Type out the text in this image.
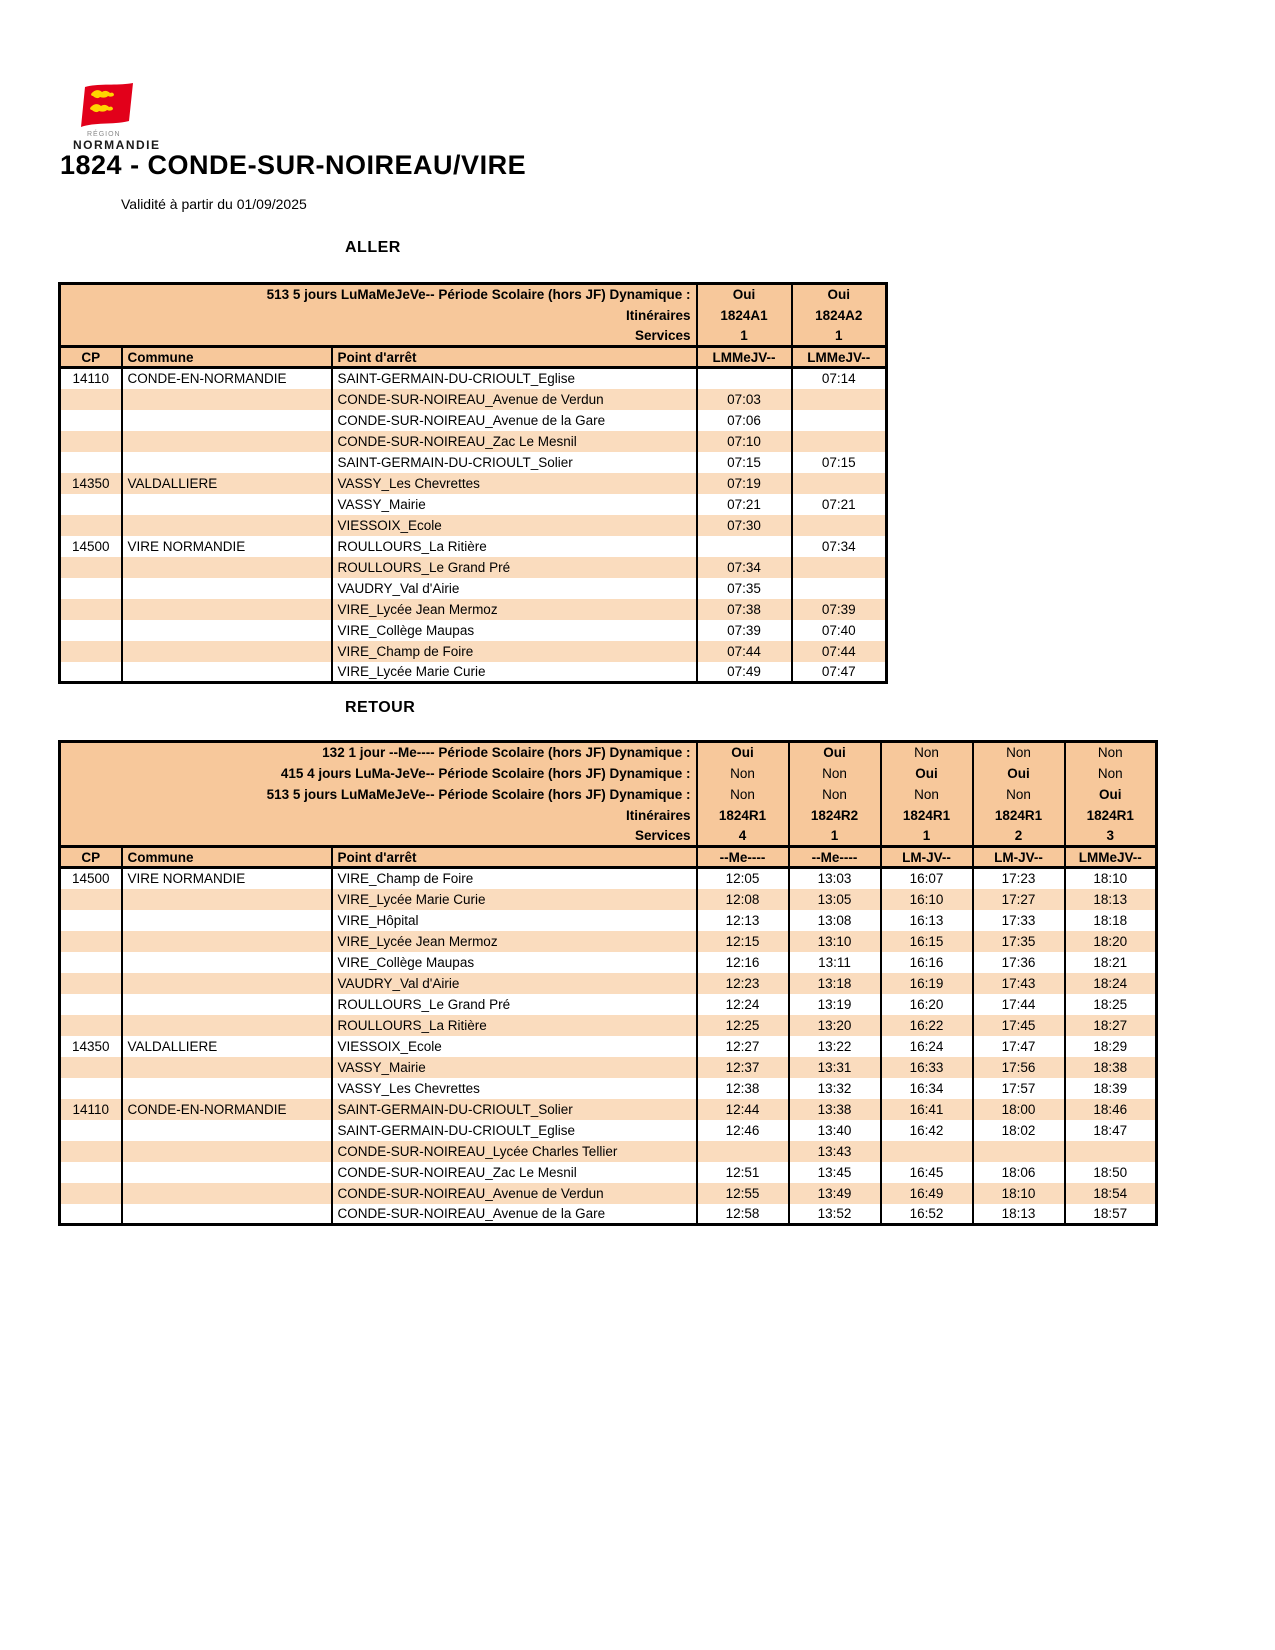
RÉGION
NORMANDIE
1824 - CONDE-SUR-NOIREAU/VIRE
Validité à partir du 01/09/2025
ALLER
513 5 jours LuMaMeJeVe-- Période Scolaire (hors JF) Dynamique :			Oui	Oui
Itinéraires			1824A1	1824A2
Services			1	1
CP	Commune	Point d'arrêt	LMMeJV--	LMMeJV--
14110	CONDE-EN-NORMANDIE	SAINT-GERMAIN-DU-CRIOULT_Eglise		07:14
		CONDE-SUR-NOIREAU_Avenue de Verdun	07:03	
		CONDE-SUR-NOIREAU_Avenue de la Gare	07:06	
		CONDE-SUR-NOIREAU_Zac Le Mesnil	07:10	
		SAINT-GERMAIN-DU-CRIOULT_Solier	07:15	07:15
14350	VALDALLIERE	VASSY_Les Chevrettes	07:19	
		VASSY_Mairie	07:21	07:21
		VIESSOIX_Ecole	07:30	
14500	VIRE NORMANDIE	ROULLOURS_La Ritière		07:34
		ROULLOURS_Le Grand Pré	07:34	
		VAUDRY_Val d'Airie	07:35	
		VIRE_Lycée Jean Mermoz	07:38	07:39
		VIRE_Collège Maupas	07:39	07:40
		VIRE_Champ de Foire	07:44	07:44
		VIRE_Lycée Marie Curie	07:49	07:47
RETOUR
132 1 jour --Me---- Période Scolaire (hors JF) Dynamique :			Oui	Oui	Non	Non	Non
415 4 jours LuMa-JeVe-- Période Scolaire (hors JF) Dynamique :			Non	Non	Oui	Oui	Non
513 5 jours LuMaMeJeVe-- Période Scolaire (hors JF) Dynamique :			Non	Non	Non	Non	Oui
Itinéraires			1824R1	1824R2	1824R1	1824R1	1824R1
Services			4	1	1	2	3
CP	Commune	Point d'arrêt	--Me----	--Me----	LM-JV--	LM-JV--	LMMeJV--
14500	VIRE NORMANDIE	VIRE_Champ de Foire	12:05	13:03	16:07	17:23	18:10
		VIRE_Lycée Marie Curie	12:08	13:05	16:10	17:27	18:13
		VIRE_Hôpital	12:13	13:08	16:13	17:33	18:18
		VIRE_Lycée Jean Mermoz	12:15	13:10	16:15	17:35	18:20
		VIRE_Collège Maupas	12:16	13:11	16:16	17:36	18:21
		VAUDRY_Val d'Airie	12:23	13:18	16:19	17:43	18:24
		ROULLOURS_Le Grand Pré	12:24	13:19	16:20	17:44	18:25
		ROULLOURS_La Ritière	12:25	13:20	16:22	17:45	18:27
14350	VALDALLIERE	VIESSOIX_Ecole	12:27	13:22	16:24	17:47	18:29
		VASSY_Mairie	12:37	13:31	16:33	17:56	18:38
		VASSY_Les Chevrettes	12:38	13:32	16:34	17:57	18:39
14110	CONDE-EN-NORMANDIE	SAINT-GERMAIN-DU-CRIOULT_Solier	12:44	13:38	16:41	18:00	18:46
		SAINT-GERMAIN-DU-CRIOULT_Eglise	12:46	13:40	16:42	18:02	18:47
		CONDE-SUR-NOIREAU_Lycée Charles Tellier		13:43			
		CONDE-SUR-NOIREAU_Zac Le Mesnil	12:51	13:45	16:45	18:06	18:50
		CONDE-SUR-NOIREAU_Avenue de Verdun	12:55	13:49	16:49	18:10	18:54
		CONDE-SUR-NOIREAU_Avenue de la Gare	12:58	13:52	16:52	18:13	18:57
